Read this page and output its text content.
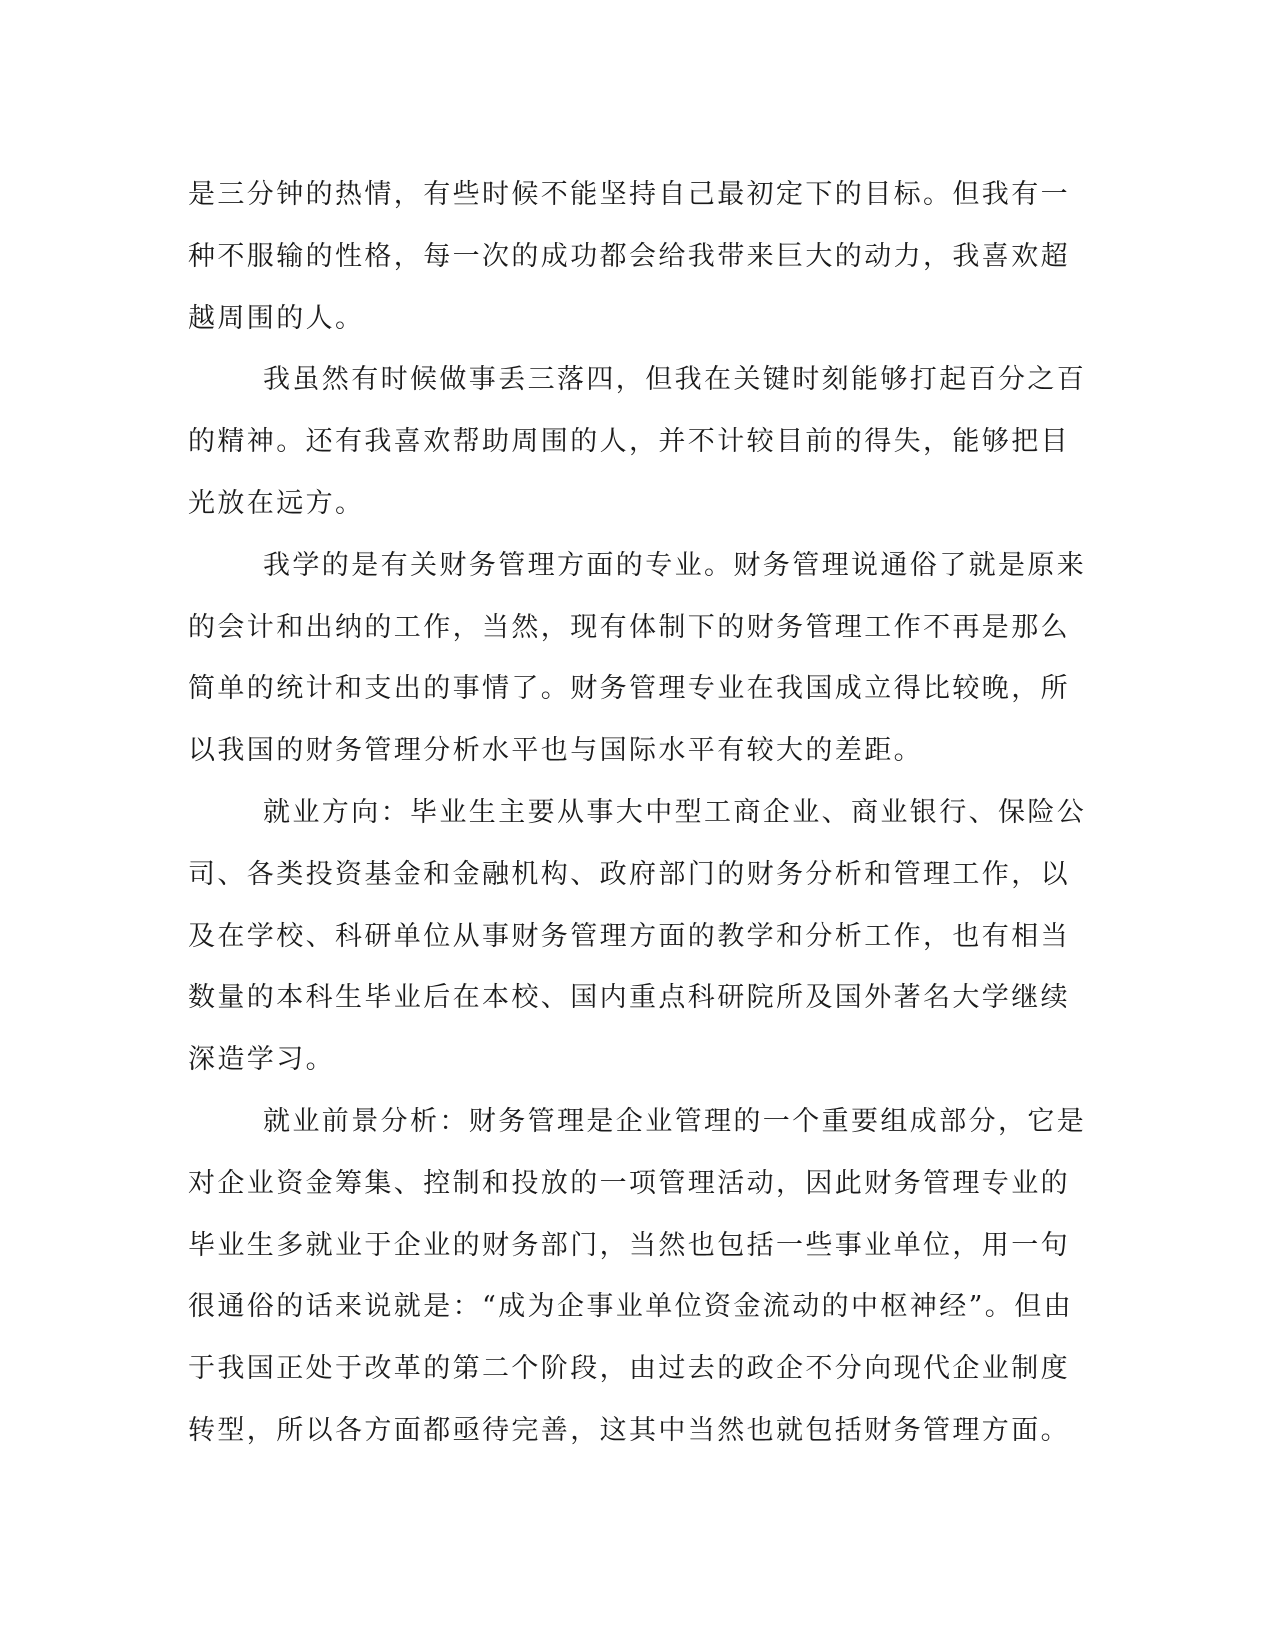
是三分钟的热情，有些时候不能坚持自己最初定下的目标。但我有一
种不服输的性格，每一次的成功都会给我带来巨大的动力，我喜欢超
越周围的人。
我虽然有时候做事丢三落四，但我在关键时刻能够打起百分之百
的精神。还有我喜欢帮助周围的人，并不计较目前的得失，能够把目
光放在远方。
我学的是有关财务管理方面的专业。财务管理说通俗了就是原来
的会计和出纳的工作，当然，现有体制下的财务管理工作不再是那么
简单的统计和支出的事情了。财务管理专业在我国成立得比较晚，所
以我国的财务管理分析水平也与国际水平有较大的差距。
就业方向：毕业生主要从事大中型工商企业、商业银行、保险公
司、各类投资基金和金融机构、政府部门的财务分析和管理工作，以
及在学校、科研单位从事财务管理方面的教学和分析工作，也有相当
数量的本科生毕业后在本校、国内重点科研院所及国外著名大学继续
深造学习。
就业前景分析：财务管理是企业管理的一个重要组成部分，它是
对企业资金筹集、控制和投放的一项管理活动，因此财务管理专业的
毕业生多就业于企业的财务部门，当然也包括一些事业单位，用一句
很通俗的话来说就是：“成为企事业单位资金流动的中枢神经”。但由
于我国正处于改革的第二个阶段，由过去的政企不分向现代企业制度
转型，所以各方面都亟待完善，这其中当然也就包括财务管理方面。
